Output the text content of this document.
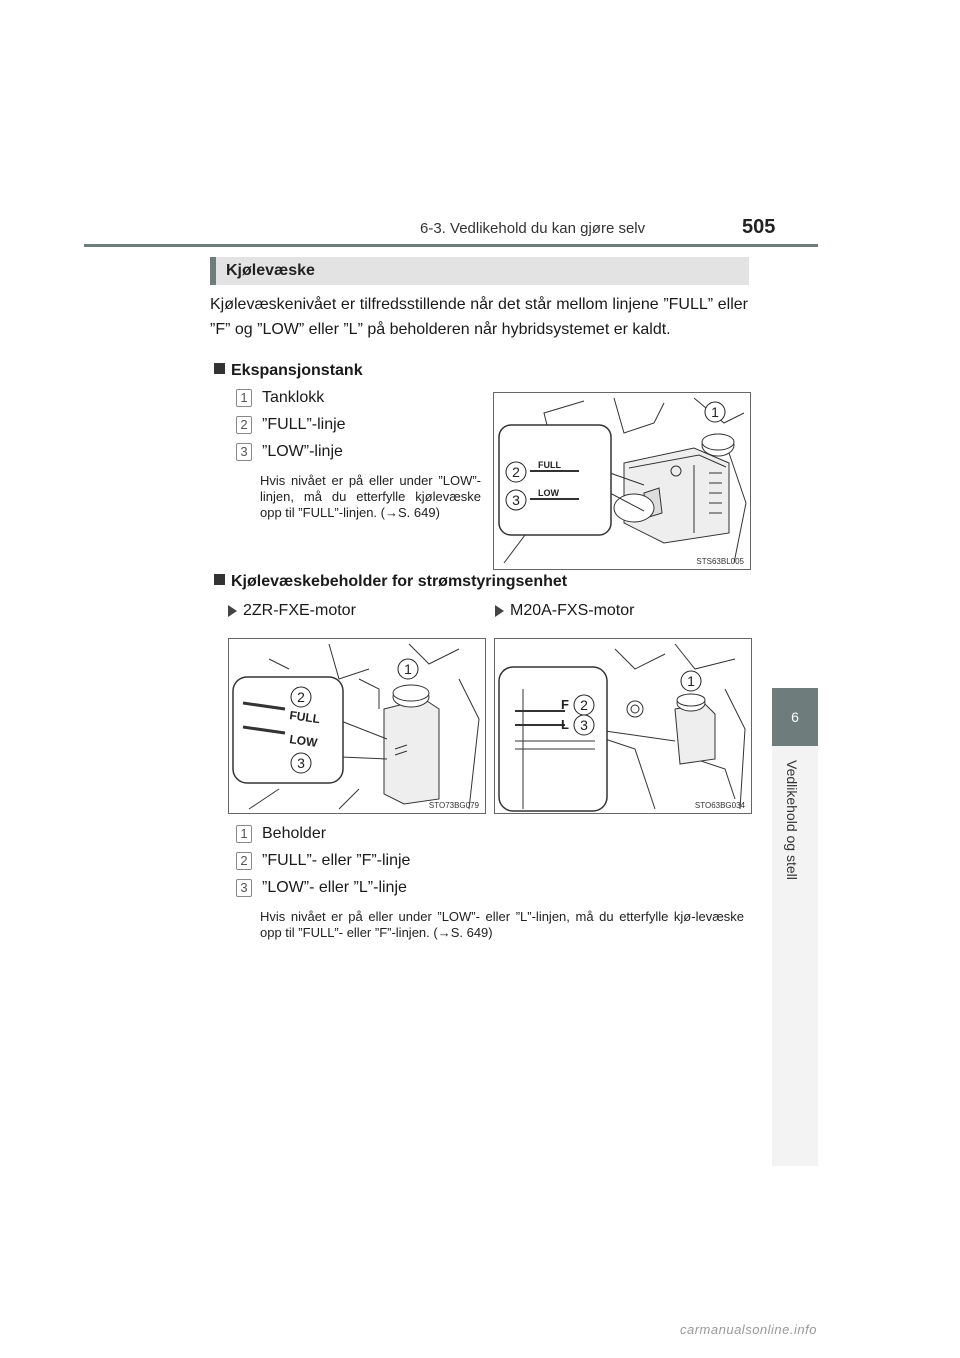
6-3. Vedlikehold du kan gjøre selv	505
6
Vedlikehold og stell
Kjølevæske
Kjølevæskenivået er tilfredsstillende når det står mellom linjene ”FULL” eller ”F” og ”LOW” eller ”L” på beholderen når hybridsystemet er kaldt.
Ekspansjonstank
1 Tanklokk
2 ”FULL”-linje
3 ”LOW”-linje
Hvis nivået er på eller under ”LOW”-linjen, må du etterfylle kjølevæske opp til ”FULL”-linjen. (→S. 649)
FULL
LOW
1
2
3
STS63BL005
Kjølevæskebeholder for strømstyringsenhet
2ZR-FXE-motor	M20A-FXS-motor
FULL
LOW
1
2
3
STO73BG079
F
L
1
2
3
STO63BG034
1 Beholder
2 ”FULL”- eller ”F”-linje
3 ”LOW”- eller ”L”-linje
Hvis nivået er på eller under ”LOW”- eller ”L”-linjen, må du etterfylle kjø-levæske opp til ”FULL”- eller ”F”-linjen. (→S. 649)
carmanualsonline.info
